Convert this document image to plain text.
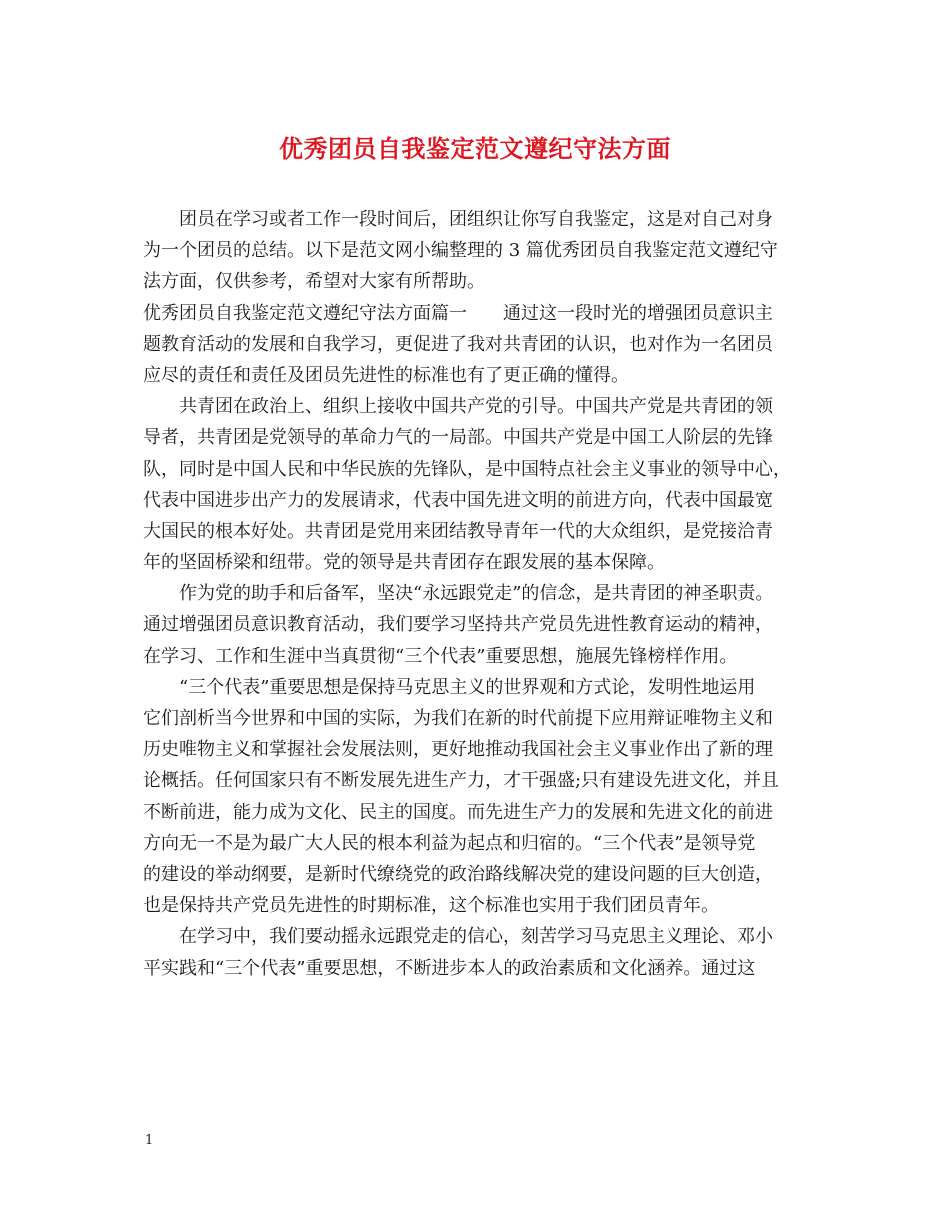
优秀团员自我鉴定范文遵纪守法方面
团员在学习或者工作一段时间后，团组织让你写自我鉴定，这是对自己对身
为一个团员的总结。以下是范文网小编整理的 3 篇优秀团员自我鉴定范文遵纪守
法方面，仅供参考，希望对大家有所帮助。
优秀团员自我鉴定范文遵纪守法方面篇一　　通过这一段时光的增强团员意识主
题教育活动的发展和自我学习，更促进了我对共青团的认识，也对作为一名团员
应尽的责任和责任及团员先进性的标准也有了更正确的懂得。
共青团在政治上、组织上接收中国共产党的引导。中国共产党是共青团的领
导者，共青团是党领导的革命力气的一局部。中国共产党是中国工人阶层的先锋
队，同时是中国人民和中华民族的先锋队，是中国特点社会主义事业的领导中心，
代表中国进步出产力的发展请求，代表中国先进文明的前进方向，代表中国最宽
大国民的根本好处。共青团是党用来团结教导青年一代的大众组织，是党接洽青
年的坚固桥梁和纽带。党的领导是共青团存在跟发展的基本保障。
作为党的助手和后备军，坚决“永远跟党走”的信念，是共青团的神圣职责。
通过增强团员意识教育活动，我们要学习坚持共产党员先进性教育运动的精神，
在学习、工作和生涯中当真贯彻“三个代表”重要思想，施展先锋榜样作用。
“三个代表”重要思想是保持马克思主义的世界观和方式论，发明性地运用
它们剖析当今世界和中国的实际，为我们在新的时代前提下应用辩证唯物主义和
历史唯物主义和掌握社会发展法则，更好地推动我国社会主义事业作出了新的理
论概括。任何国家只有不断发展先进生产力，才干强盛;只有建设先进文化，并且
不断前进，能力成为文化、民主的国度。而先进生产力的发展和先进文化的前进
方向无一不是为最广大人民的根本利益为起点和归宿的。“三个代表”是领导党
的建设的举动纲要，是新时代缭绕党的政治路线解决党的建设问题的巨大创造，
也是保持共产党员先进性的时期标准，这个标准也实用于我们团员青年。
在学习中，我们要动摇永远跟党走的信心，刻苦学习马克思主义理论、邓小
平实践和“三个代表”重要思想，不断进步本人的政治素质和文化涵养。通过这
1
